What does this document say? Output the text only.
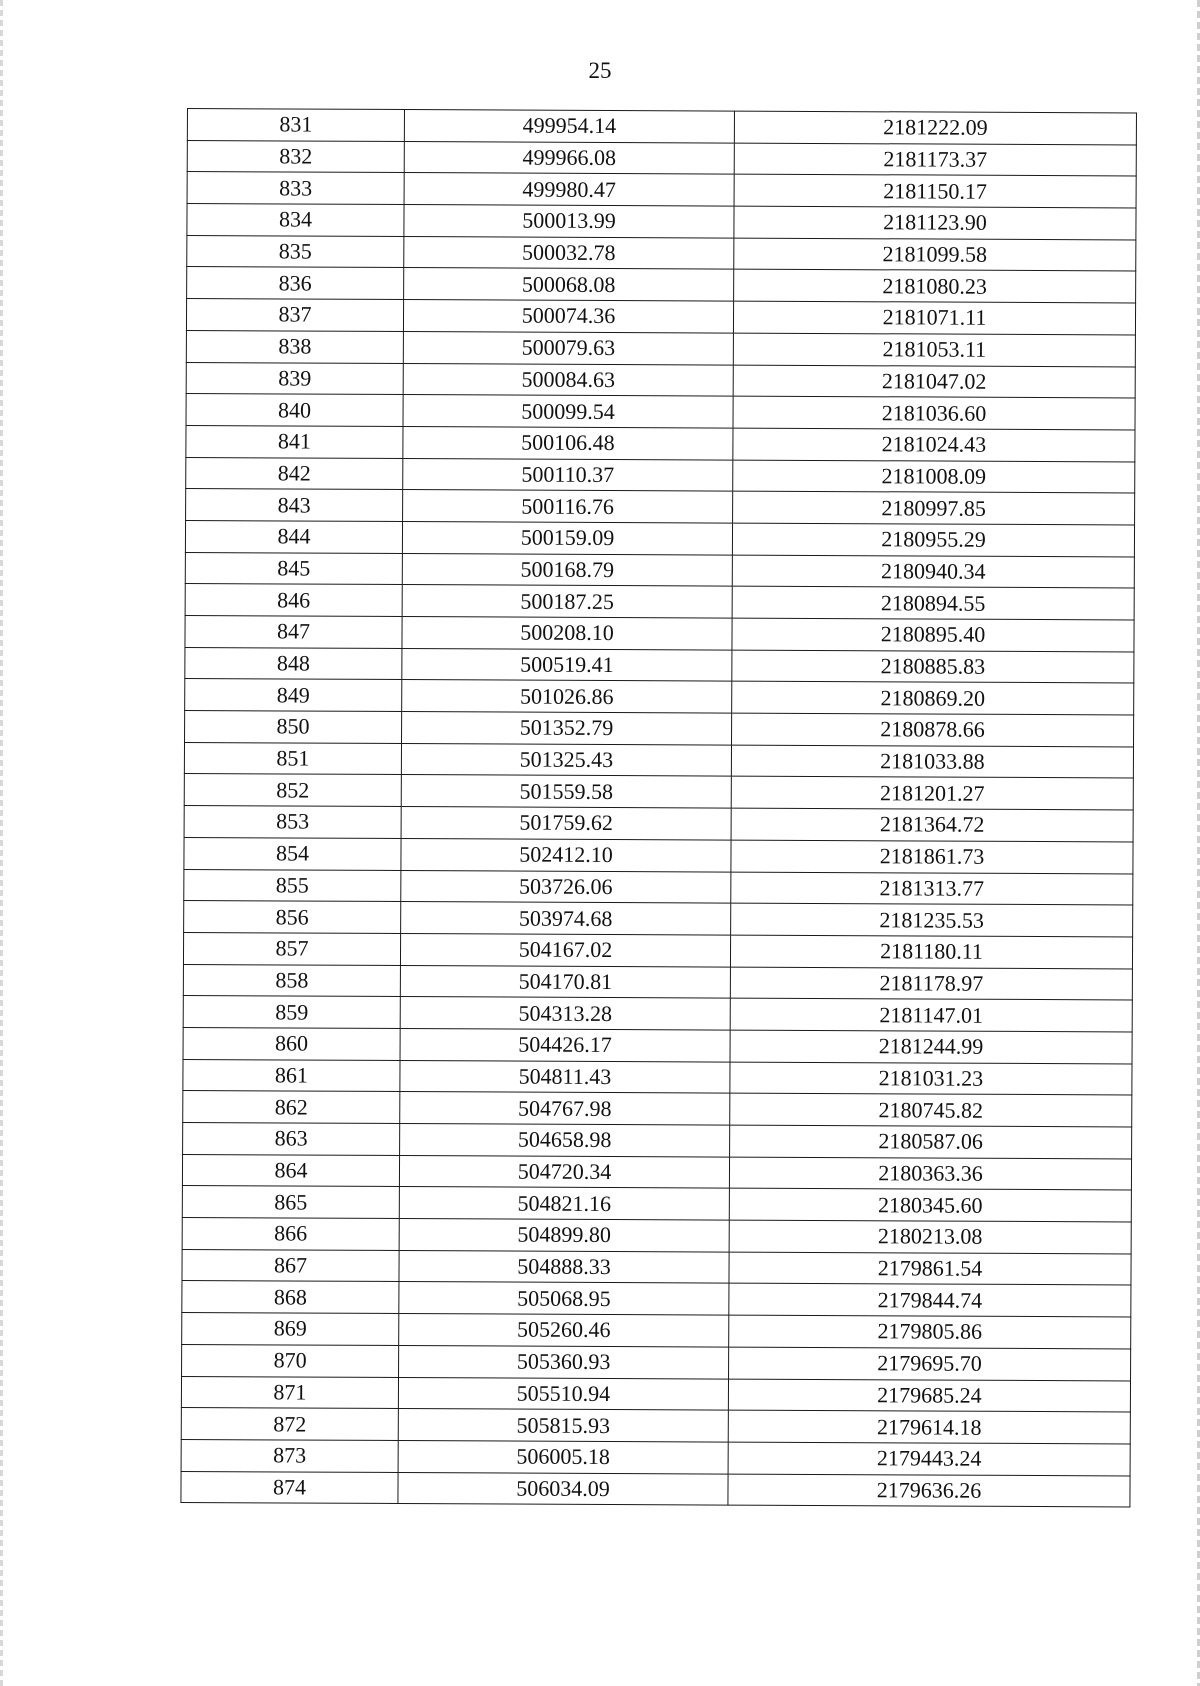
25
831	499954.14	2181222.09
832	499966.08	2181173.37
833	499980.47	2181150.17
834	500013.99	2181123.90
835	500032.78	2181099.58
836	500068.08	2181080.23
837	500074.36	2181071.11
838	500079.63	2181053.11
839	500084.63	2181047.02
840	500099.54	2181036.60
841	500106.48	2181024.43
842	500110.37	2181008.09
843	500116.76	2180997.85
844	500159.09	2180955.29
845	500168.79	2180940.34
846	500187.25	2180894.55
847	500208.10	2180895.40
848	500519.41	2180885.83
849	501026.86	2180869.20
850	501352.79	2180878.66
851	501325.43	2181033.88
852	501559.58	2181201.27
853	501759.62	2181364.72
854	502412.10	2181861.73
855	503726.06	2181313.77
856	503974.68	2181235.53
857	504167.02	2181180.11
858	504170.81	2181178.97
859	504313.28	2181147.01
860	504426.17	2181244.99
861	504811.43	2181031.23
862	504767.98	2180745.82
863	504658.98	2180587.06
864	504720.34	2180363.36
865	504821.16	2180345.60
866	504899.80	2180213.08
867	504888.33	2179861.54
868	505068.95	2179844.74
869	505260.46	2179805.86
870	505360.93	2179695.70
871	505510.94	2179685.24
872	505815.93	2179614.18
873	506005.18	2179443.24
874	506034.09	2179636.26
